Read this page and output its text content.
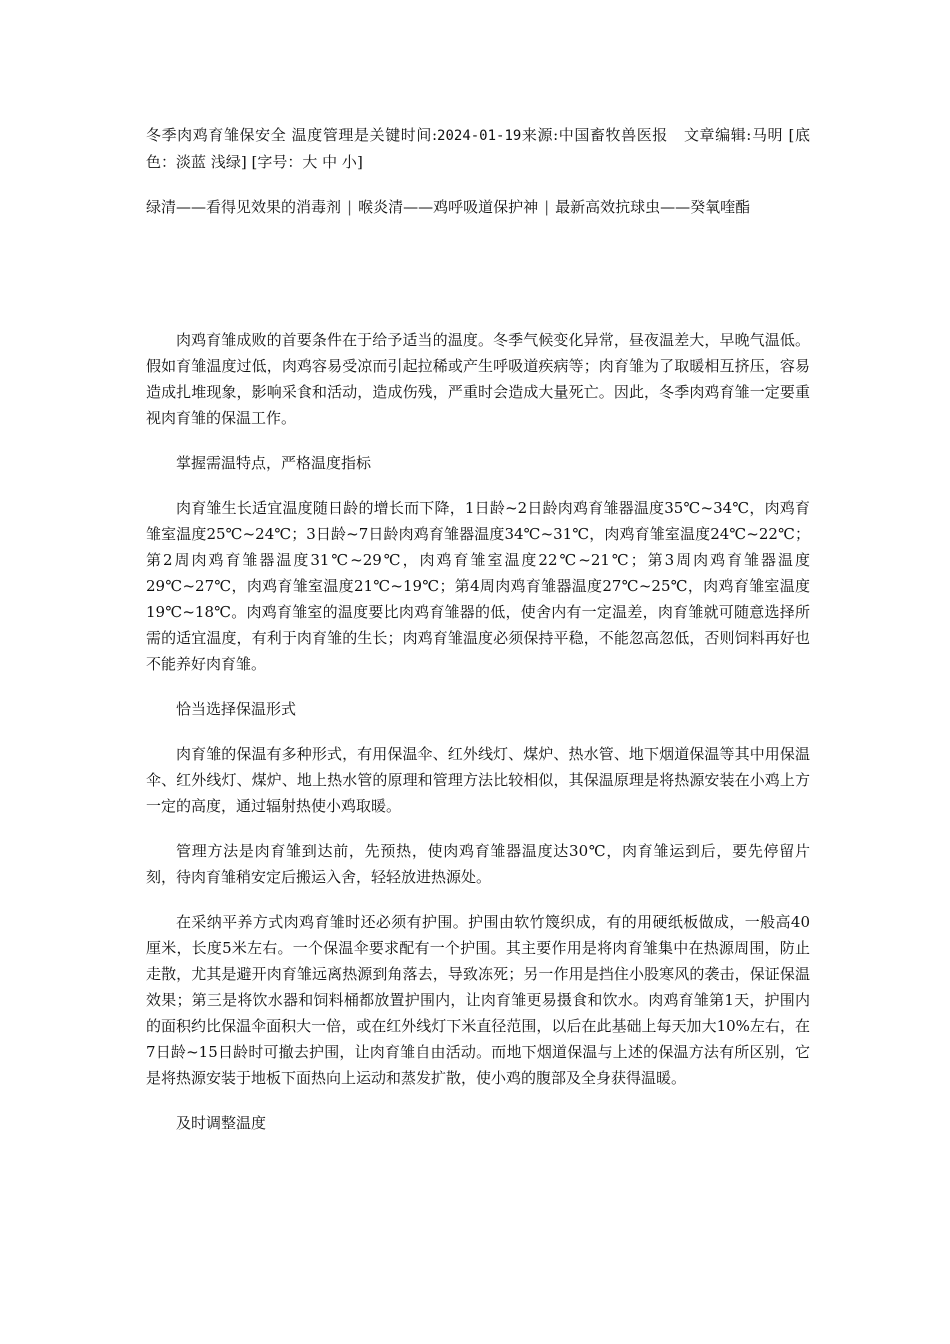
冬季肉鸡育雏保安全 温度管理是关键时间:2024-01-19来源:中国畜牧兽医报 文章编辑:马明 [底色：淡蓝 浅绿] [字号：大 中 小]

绿清——看得见效果的消毒剂 | 喉炎清——鸡呼吸道保护神 | 最新高效抗球虫——癸氧喹酯

肉鸡育雏成败的首要条件在于给予适当的温度。冬季气候变化异常，昼夜温差大，早晚气温低。假如育雏温度过低，肉鸡容易受凉而引起拉稀或产生呼吸道疾病等；肉育雏为了取暖相互挤压，容易造成扎堆现象，影响采食和活动，造成伤残，严重时会造成大量死亡。因此，冬季肉鸡育雏一定要重视肉育雏的保温工作。

掌握需温特点，严格温度指标

肉育雏生长适宜温度随日龄的增长而下降，1日龄~2日龄肉鸡育雏器温度35℃~34℃，肉鸡育雏室温度25℃~24℃；3日龄~7日龄肉鸡育雏器温度34℃~31℃，肉鸡育雏室温度24℃~22℃；第2周肉鸡育雏器温度31℃~29℃，肉鸡育雏室温度22℃~21℃；第3周肉鸡育雏器温度29℃~27℃，肉鸡育雏室温度21℃~19℃；第4周肉鸡育雏器温度27℃~25℃，肉鸡育雏室温度19℃~18℃。肉鸡育雏室的温度要比肉鸡育雏器的低，使舍内有一定温差，肉育雏就可随意选择所需的适宜温度，有利于肉育雏的生长；肉鸡育雏温度必须保持平稳，不能忽高忽低，否则饲料再好也不能养好肉育雏。

恰当选择保温形式

肉育雏的保温有多种形式，有用保温伞、红外线灯、煤炉、热水管、地下烟道保温等其中用保温伞、红外线灯、煤炉、地上热水管的原理和管理方法比较相似，其保温原理是将热源安装在小鸡上方一定的高度，通过辐射热使小鸡取暖。

管理方法是肉育雏到达前，先预热，使肉鸡育雏器温度达30℃，肉育雏运到后，要先停留片刻，待肉育雏稍安定后搬运入舍，轻轻放进热源处。

在采纳平养方式肉鸡育雏时还必须有护围。护围由软竹篾织成，有的用硬纸板做成，一般高40厘米，长度5米左右。一个保温伞要求配有一个护围。其主要作用是将肉育雏集中在热源周围，防止走散，尤其是避开肉育雏远离热源到角落去，导致冻死；另一作用是挡住小股寒风的袭击，保证保温效果；第三是将饮水器和饲料桶都放置护围内，让肉育雏更易摄食和饮水。肉鸡育雏第1天，护围内的面积约比保温伞面积大一倍，或在红外线灯下米直径范围，以后在此基础上每天加大10%左右，在7日龄~15日龄时可撤去护围，让肉育雏自由活动。而地下烟道保温与上述的保温方法有所区别，它是将热源安装于地板下面热向上运动和蒸发扩散，使小鸡的腹部及全身获得温暖。

及时调整温度
